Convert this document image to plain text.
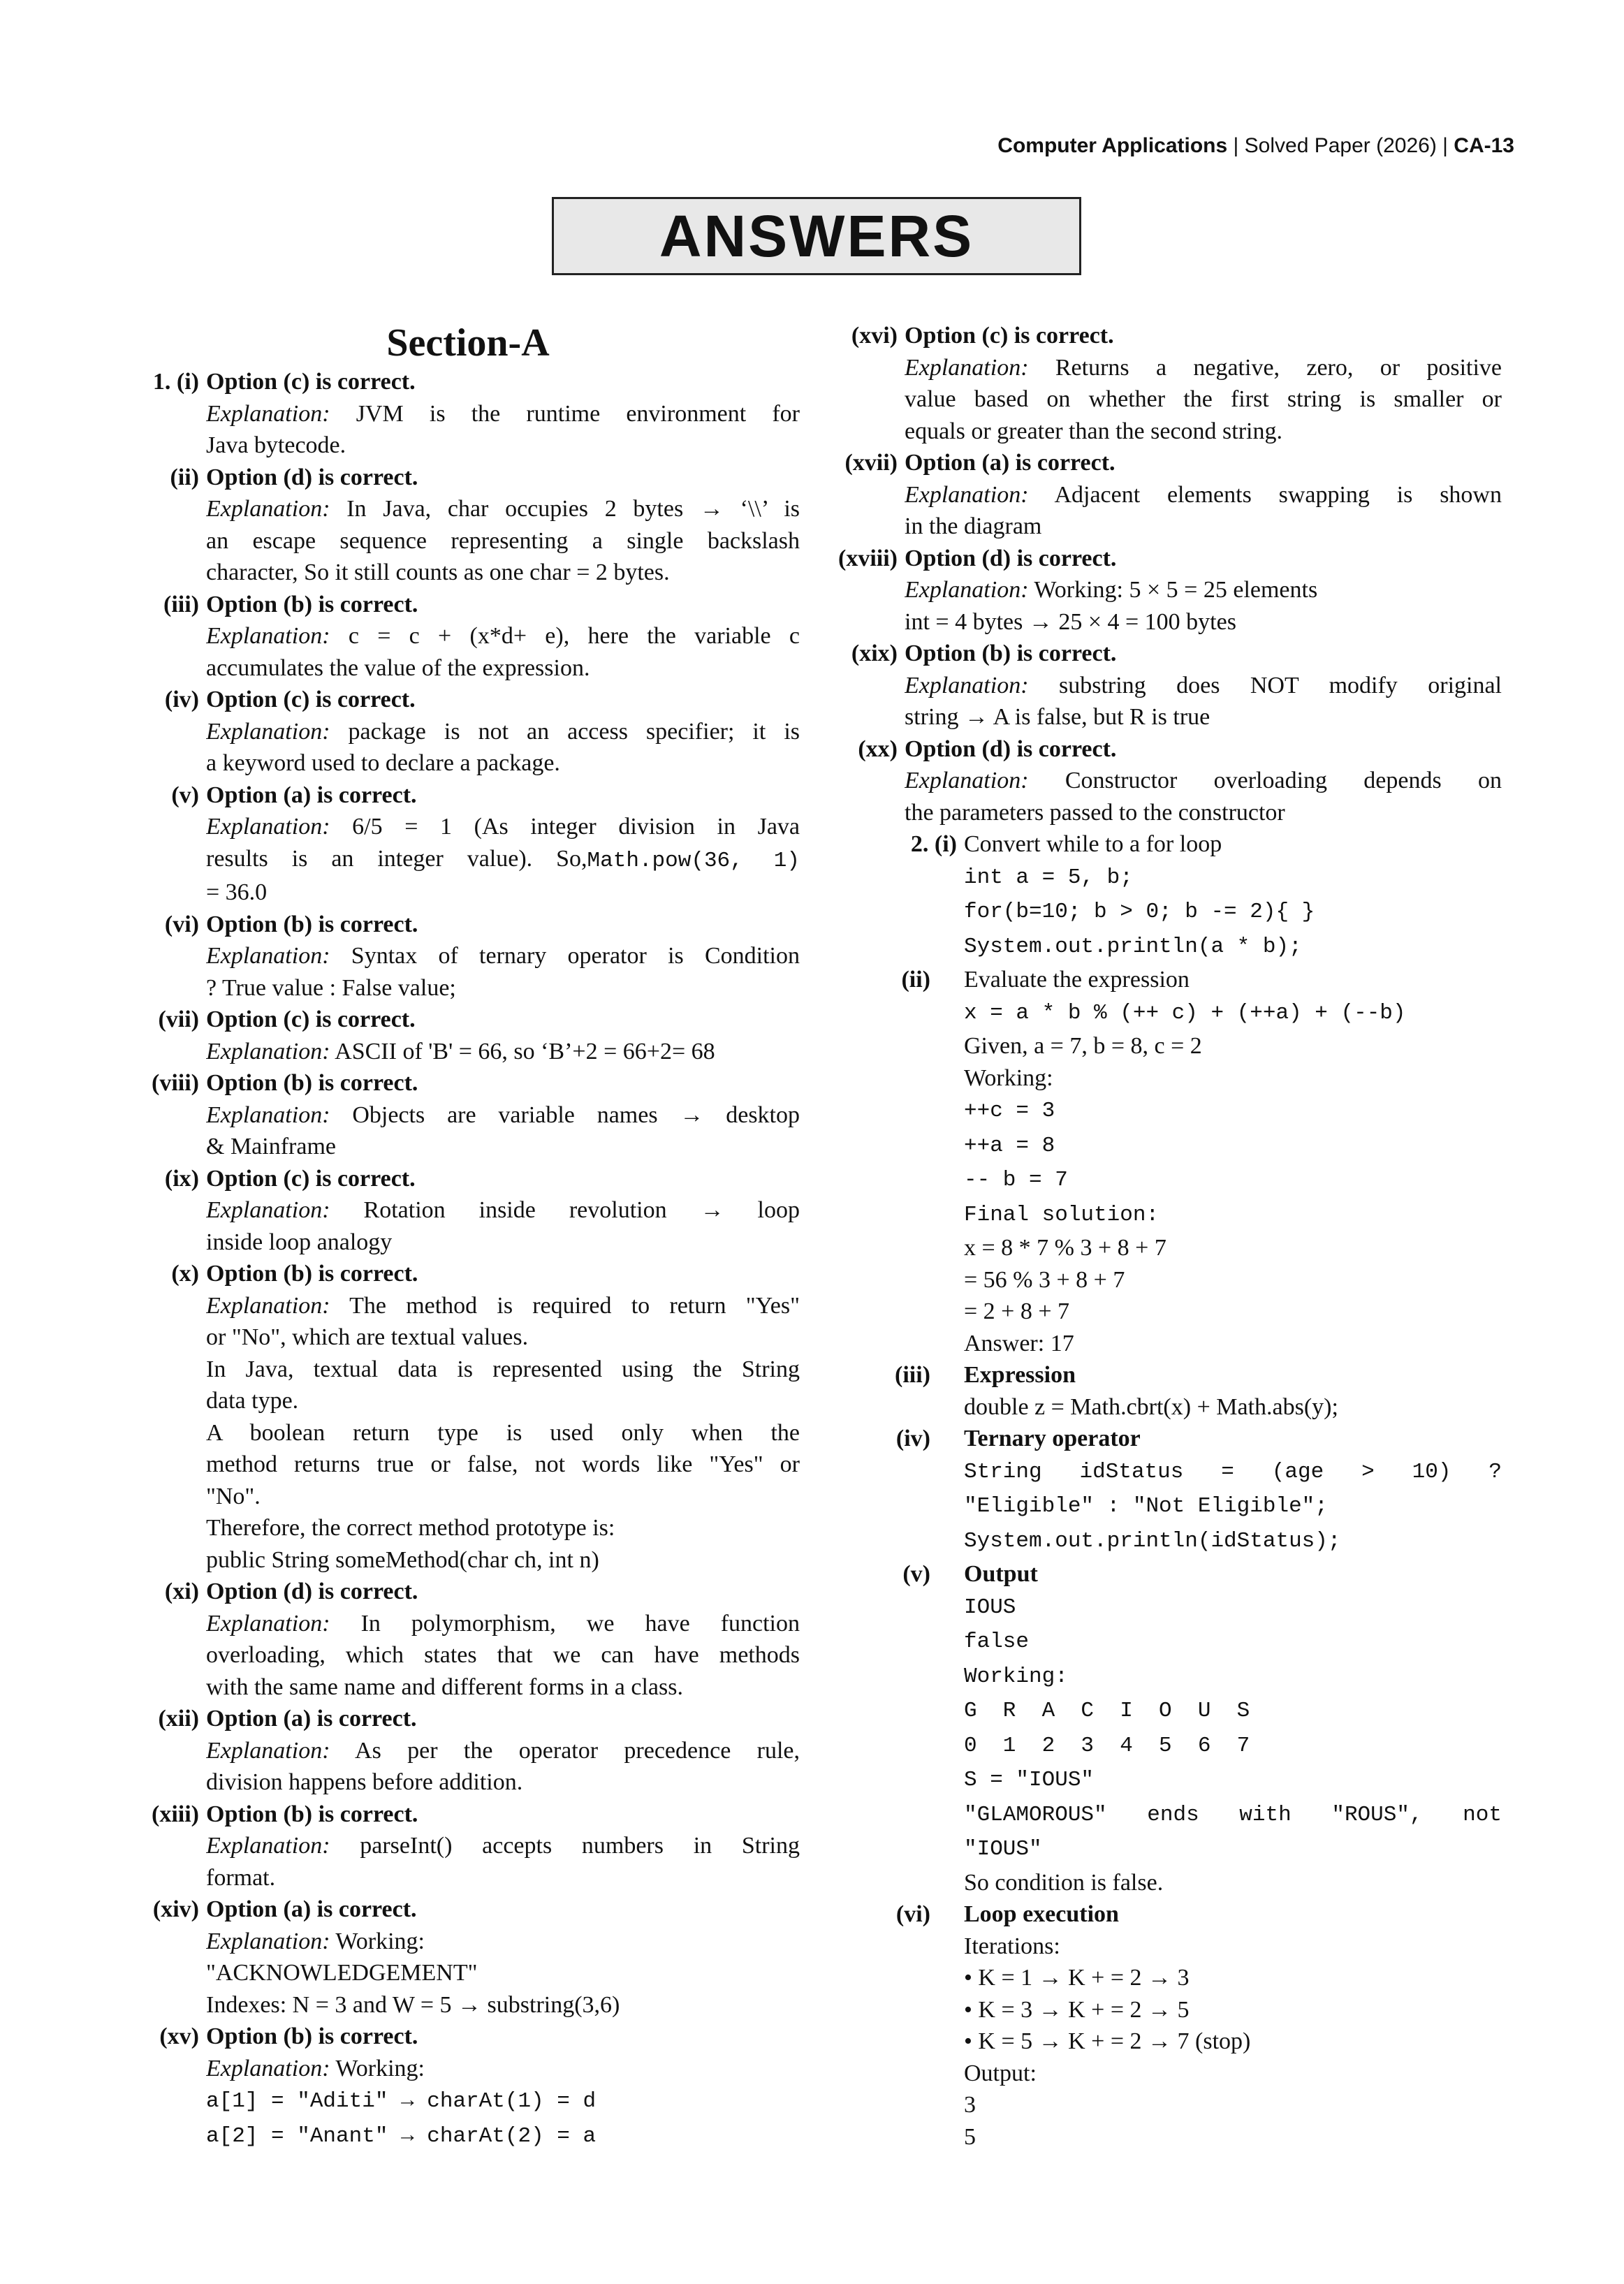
Computer Applications | Solved Paper (2026) | CA-13
ANSWERS
Section-A
1. (i) Option (c) is correct.
Explanation: JVM is the runtime environment for
Java bytecode.
(ii) Option (d) is correct.
Explanation: In Java, char occupies 2 bytes → ‘\\’ is
an escape sequence representing a single backslash
character, So it still counts as one char = 2 bytes.
(iii) Option (b) is correct.
Explanation: c = c + (x*d+ e), here the variable c
accumulates the value of the expression.
(iv) Option (c) is correct.
Explanation: package is not an access specifier; it is
a keyword used to declare a package.
(v) Option (a) is correct.
Explanation: 6/5 = 1 (As integer division in Java
results is an integer value). So,Math.pow(36, 1)
= 36.0
(vi) Option (b) is correct.
Explanation: Syntax of ternary operator is Condition
? True value : False value;
(vii) Option (c) is correct.
Explanation: ASCII of 'B' = 66, so ‘B’+2 = 66+2= 68
(viii) Option (b) is correct.
Explanation: Objects are variable names → desktop
& Mainframe
(ix) Option (c) is correct.
Explanation: Rotation inside revolution → loop
inside loop analogy
(x) Option (b) is correct.
Explanation: The method is required to return "Yes"
or "No", which are textual values.
In Java, textual data is represented using the String
data type.
A boolean return type is used only when the
method returns true or false, not words like "Yes" or
"No".
Therefore, the correct method prototype is:
public String someMethod(char ch, int n)
(xi) Option (d) is correct.
Explanation: In polymorphism, we have function
overloading, which states that we can have methods
with the same name and different forms in a class.
(xii) Option (a) is correct.
Explanation: As per the operator precedence rule,
division happens before addition.
(xiii) Option (b) is correct.
Explanation: parseInt() accepts numbers in String
format.
(xiv) Option (a) is correct.
Explanation: Working:
"ACKNOWLEDGEMENT"
Indexes: N = 3 and W = 5 → substring(3,6)
(xv) Option (b) is correct.
Explanation: Working:
a[1] = "Aditi" → charAt(1) = d
a[2] = "Anant" → charAt(2) = a
(xvi) Option (c) is correct.
Explanation: Returns a negative, zero, or positive
value based on whether the first string is smaller or
equals or greater than the second string.
(xvii) Option (a) is correct.
Explanation: Adjacent elements swapping is shown
in the diagram
(xviii) Option (d) is correct.
Explanation: Working: 5 × 5 = 25 elements
int = 4 bytes → 25 × 4 = 100 bytes
(xix) Option (b) is correct.
Explanation: substring does NOT modify original
string → A is false, but R is true
(xx) Option (d) is correct.
Explanation: Constructor overloading depends on
the parameters passed to the constructor
2. (i) Convert while to a for loop
int a = 5, b;
for(b=10; b > 0; b -= 2){ }
System.out.println(a * b);
(ii)	Evaluate the expression
x = a * b % (++ c) + (++a) + (--b)
Given, a = 7, b = 8, c = 2
Working:
++c = 3
++a = 8
-- b = 7
Final solution:
x = 8 * 7 % 3 + 8 + 7
= 56 % 3 + 8 + 7
= 2 + 8 + 7
Answer: 17
(iii)	Expression
double z = Math.cbrt(x) + Math.abs(y);
(iv)	Ternary operator
String idStatus = (age > 10) ?
"Eligible" : "Not Eligible";
System.out.println(idStatus);
(v)	Output
IOUS
false
Working:
G  R  A  C  I  O  U  S
0  1  2  3  4  5  6  7
S = "IOUS"
"GLAMOROUS" ends with "ROUS", not
"IOUS"
So condition is false.
(vi)	Loop execution
Iterations:
• K = 1 → K + = 2 → 3
• K = 3 → K + = 2 → 5
• K = 5 → K + = 2 → 7 (stop)
Output:
3
5
